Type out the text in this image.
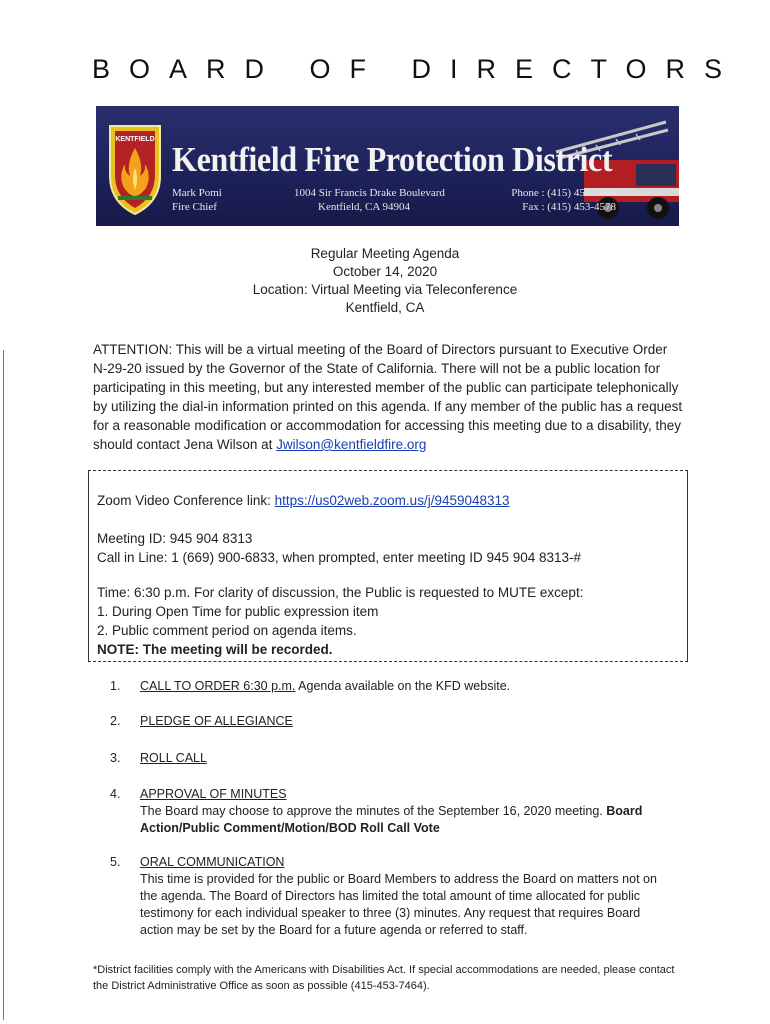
BOARD OF DIRECTORS
KENTFIELD
Kentfield Fire Protection District
Mark Pomi
Fire Chief
1004 Sir Francis Drake Boulevard
Kentfield, CA 94904
Phone : (415) 453-7464
Fax : (415) 453-4578
Regular Meeting Agenda
October 14, 2020
Location: Virtual Meeting via Teleconference
Kentfield, CA
ATTENTION: This will be a virtual meeting of the Board of Directors pursuant to Executive Order N-29-20 issued by the Governor of the State of California. There will not be a public location for participating in this meeting, but any interested member of the public can participate telephonically by utilizing the dial-in information printed on this agenda. If any member of the public has a request for a reasonable modification or accommodation for accessing this meeting due to a disability, they should contact Jena Wilson at Jwilson@kentfieldfire.org
Zoom Video Conference link: https://us02web.zoom.us/j/9459048313
Meeting ID: 945 904 8313
Call in Line: 1 (669) 900-6833, when prompted, enter meeting ID 945 904 8313-#
Time: 6:30 p.m. For clarity of discussion, the Public is requested to MUTE except:
1. During Open Time for public expression item
2. Public comment period on agenda items.
NOTE: The meeting will be recorded.
1.	CALL TO ORDER 6:30 p.m. Agenda available on the KFD website.
2.	PLEDGE OF ALLEGIANCE
3.	ROLL CALL
4.	APPROVAL OF MINUTES
The Board may choose to approve the minutes of the September 16, 2020 meeting. Board Action/Public Comment/Motion/BOD Roll Call Vote
5.	ORAL COMMUNICATION
This time is provided for the public or Board Members to address the Board on matters not on the agenda. The Board of Directors has limited the total amount of time allocated for public testimony for each individual speaker to three (3) minutes. Any request that requires Board action may be set by the Board for a future agenda or referred to staff.
*District facilities comply with the Americans with Disabilities Act. If special accommodations are needed, please contact the District Administrative Office as soon as possible (415-453-7464).
